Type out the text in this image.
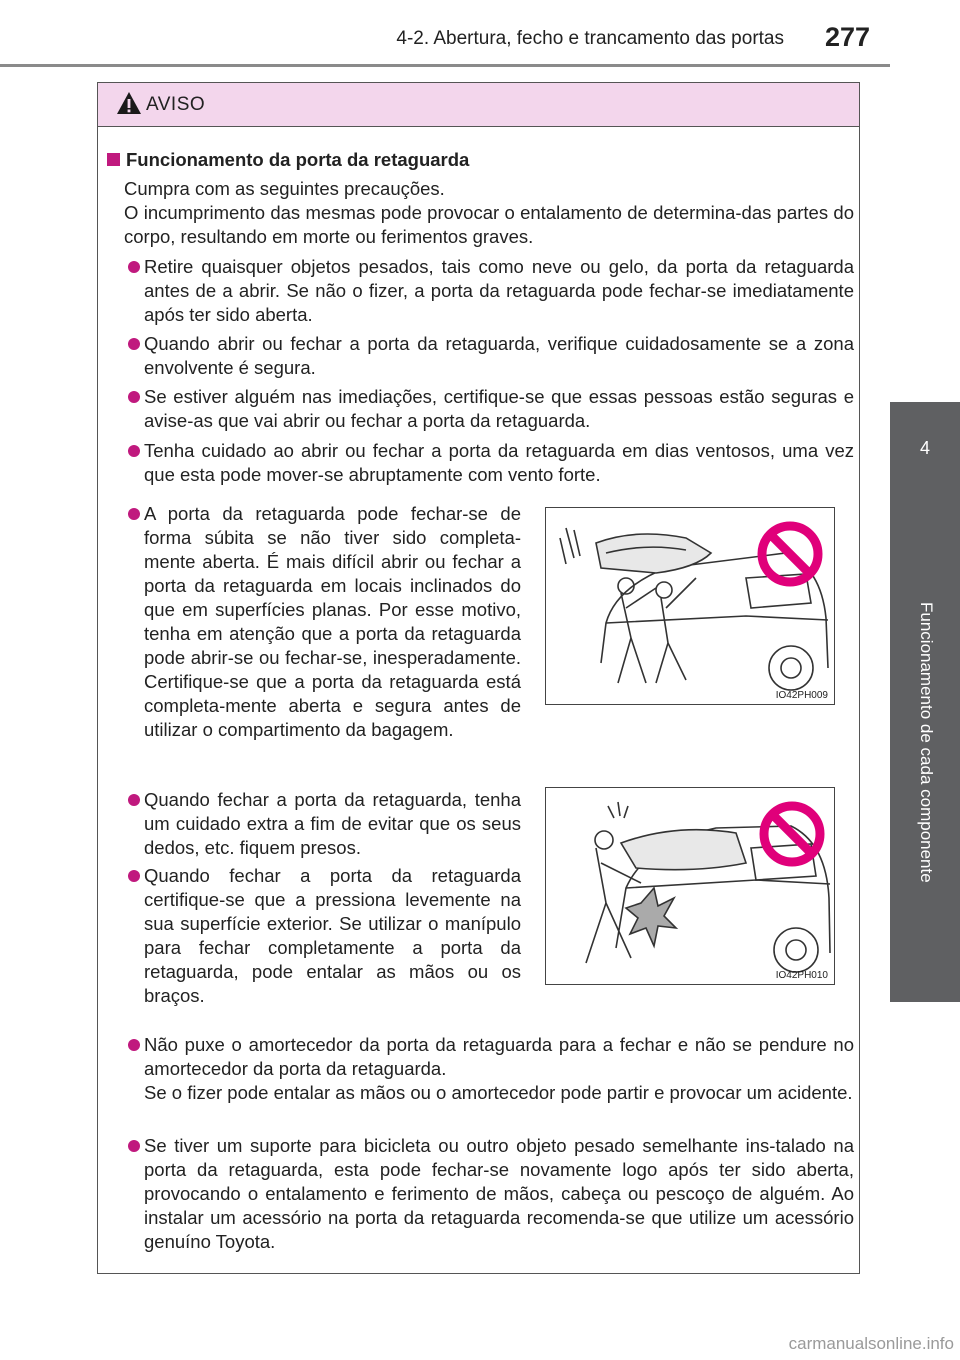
4-2. Abertura, fecho e trancamento das portas 277
4
Funcionamento de cada componente
AVISO
Funcionamento da porta da retaguarda
Cumpra com as seguintes precauções.
O incumprimento das mesmas pode provocar o entalamento de determina-das partes do corpo, resultando em morte ou ferimentos graves.
Retire quaisquer objetos pesados, tais como neve ou gelo, da porta da retaguarda antes de a abrir. Se não o fizer, a porta da retaguarda pode fechar-se imediatamente após ter sido aberta.
Quando abrir ou fechar a porta da retaguarda, verifique cuidadosamente se a zona envolvente é segura.
Se estiver alguém nas imediações, certifique-se que essas pessoas estão seguras e avise-as que vai abrir ou fechar a porta da retaguarda.
Tenha cuidado ao abrir ou fechar a porta da retaguarda em dias ventosos, uma vez que esta pode mover-se abruptamente com vento forte.
A porta da retaguarda pode fechar-se de forma súbita se não tiver sido completa-mente aberta. É mais difícil abrir ou fechar a porta da retaguarda em locais inclinados do que em superfícies planas. Por esse motivo, tenha em atenção que a porta da retaguarda pode abrir-se ou fechar-se, inesperadamente. Certifique-se que a porta da retaguarda está completa-mente aberta e segura antes de utilizar o compartimento da bagagem.
IO42PH009
Quando fechar a porta da retaguarda, tenha um cuidado extra a fim de evitar que os seus dedos, etc. fiquem presos.
Quando fechar a porta da retaguarda certifique-se que a pressiona levemente na sua superfície exterior. Se utilizar o manípulo para fechar completamente a porta da retaguarda, pode entalar as mãos ou os braços.
IO42PH010
Não puxe o amortecedor da porta da retaguarda para a fechar e não se pendure no amortecedor da porta da retaguarda.
Se o fizer pode entalar as mãos ou o amortecedor pode partir e provocar um acidente.
Se tiver um suporte para bicicleta ou outro objeto pesado semelhante ins-talado na porta da retaguarda, esta pode fechar-se novamente logo após ter sido aberta, provocando o entalamento e ferimento de mãos, cabeça ou pescoço de alguém. Ao instalar um acessório na porta da retaguarda recomenda-se que utilize um acessório genuíno Toyota.
carmanualsonline.info
